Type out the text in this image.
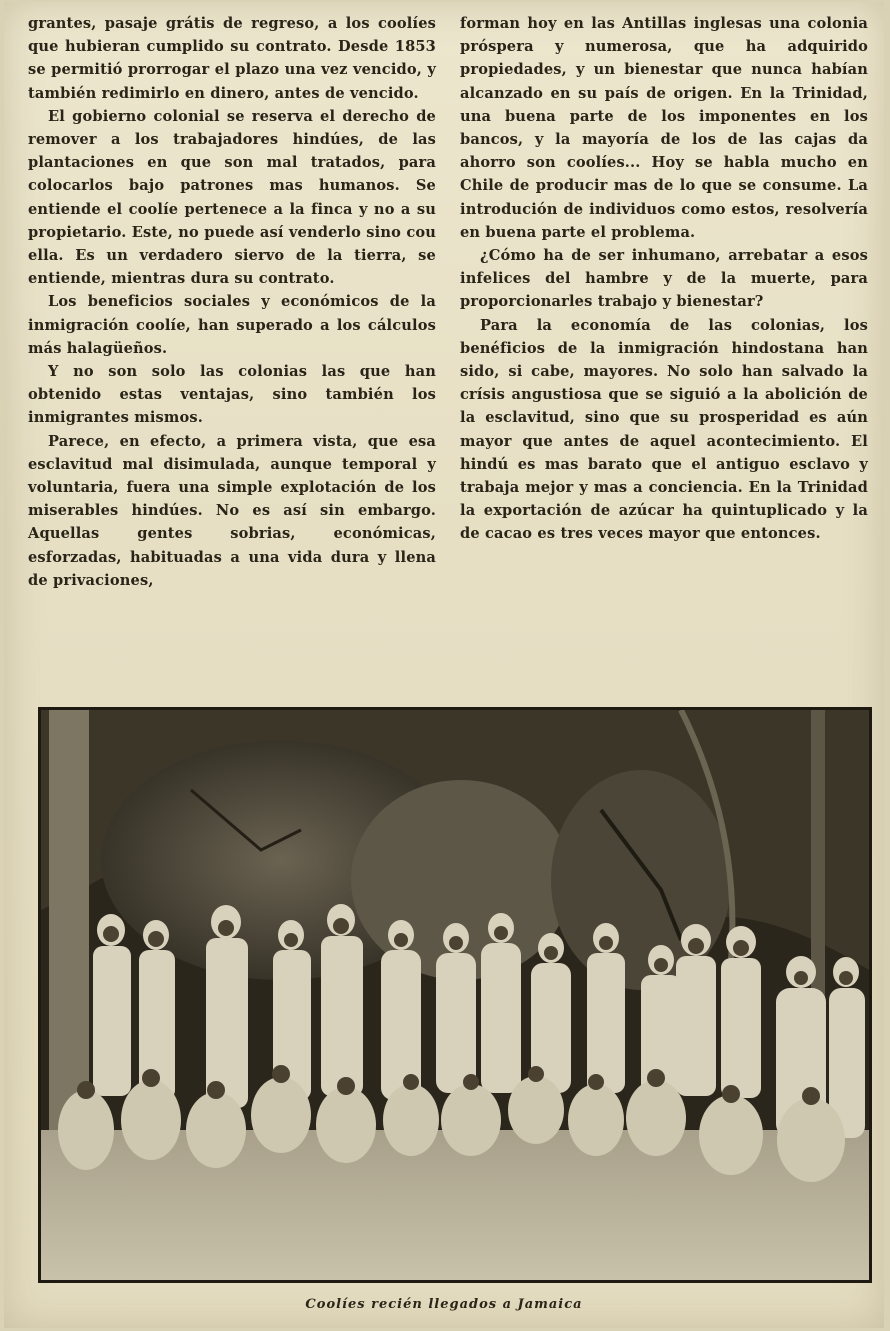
grantes, pasaje grátis de regreso, a los coolíes que hubieran cumplido su contrato. Desde 1853 se permitió prorrogar el plazo una vez vencido, y también redimirlo en dinero, antes de vencido.

El gobierno colonial se reserva el derecho de remover a los trabajadores hindúes, de las plantaciones en que son mal tratados, para colocarlos bajo patrones mas humanos. Se entiende el coolíe pertenece a la finca y no a su propietario. Este, no puede así venderlo sino cou ella. Es un verdadero siervo de la tierra, se entiende, mientras dura su contrato.

Los beneficios sociales y económicos de la inmigración coolíe, han superado a los cálculos más halagüeños.

Y no son solo las colonias las que han obtenido estas ventajas, sino también los inmigrantes mismos.

Parece, en efecto, a primera vista, que esa esclavitud mal disimulada, aunque temporal y voluntaria, fuera una simple explotación de los miserables hindúes. No es así sin embargo. Aquellas gentes sobrias, económicas, esforzadas, habituadas a una vida dura y llena de privaciones,

forman hoy en las Antillas inglesas una colonia próspera y numerosa, que ha adquirido propiedades, y un bienestar que nunca habían alcanzado en su país de origen. En la Trinidad, una buena parte de los imponentes en los bancos, y la mayoría de los de las cajas da ahorro son coolíes... Hoy se habla mucho en Chile de producir mas de lo que se consume. La introdución de individuos como estos, resolvería en buena parte el problema.

¿Cómo ha de ser inhumano, arrebatar a esos infelices del hambre y de la muerte, para proporcionarles trabajo y bienestar?

Para la economía de las colonias, los benéficios de la inmigración hindostana han sido, si cabe, mayores. No solo han salvado la crísis angustiosa que se siguió a la abolición de la esclavitud, sino que su prosperidad es aún mayor que antes de aquel acontecimiento. El hindú es mas barato que el antiguo esclavo y trabaja mejor y mas a conciencia. En la Trinidad la exportación de azúcar ha quintuplicado y la de cacao es tres veces mayor que entonces.

Coolíes recién llegados a Jamaica
